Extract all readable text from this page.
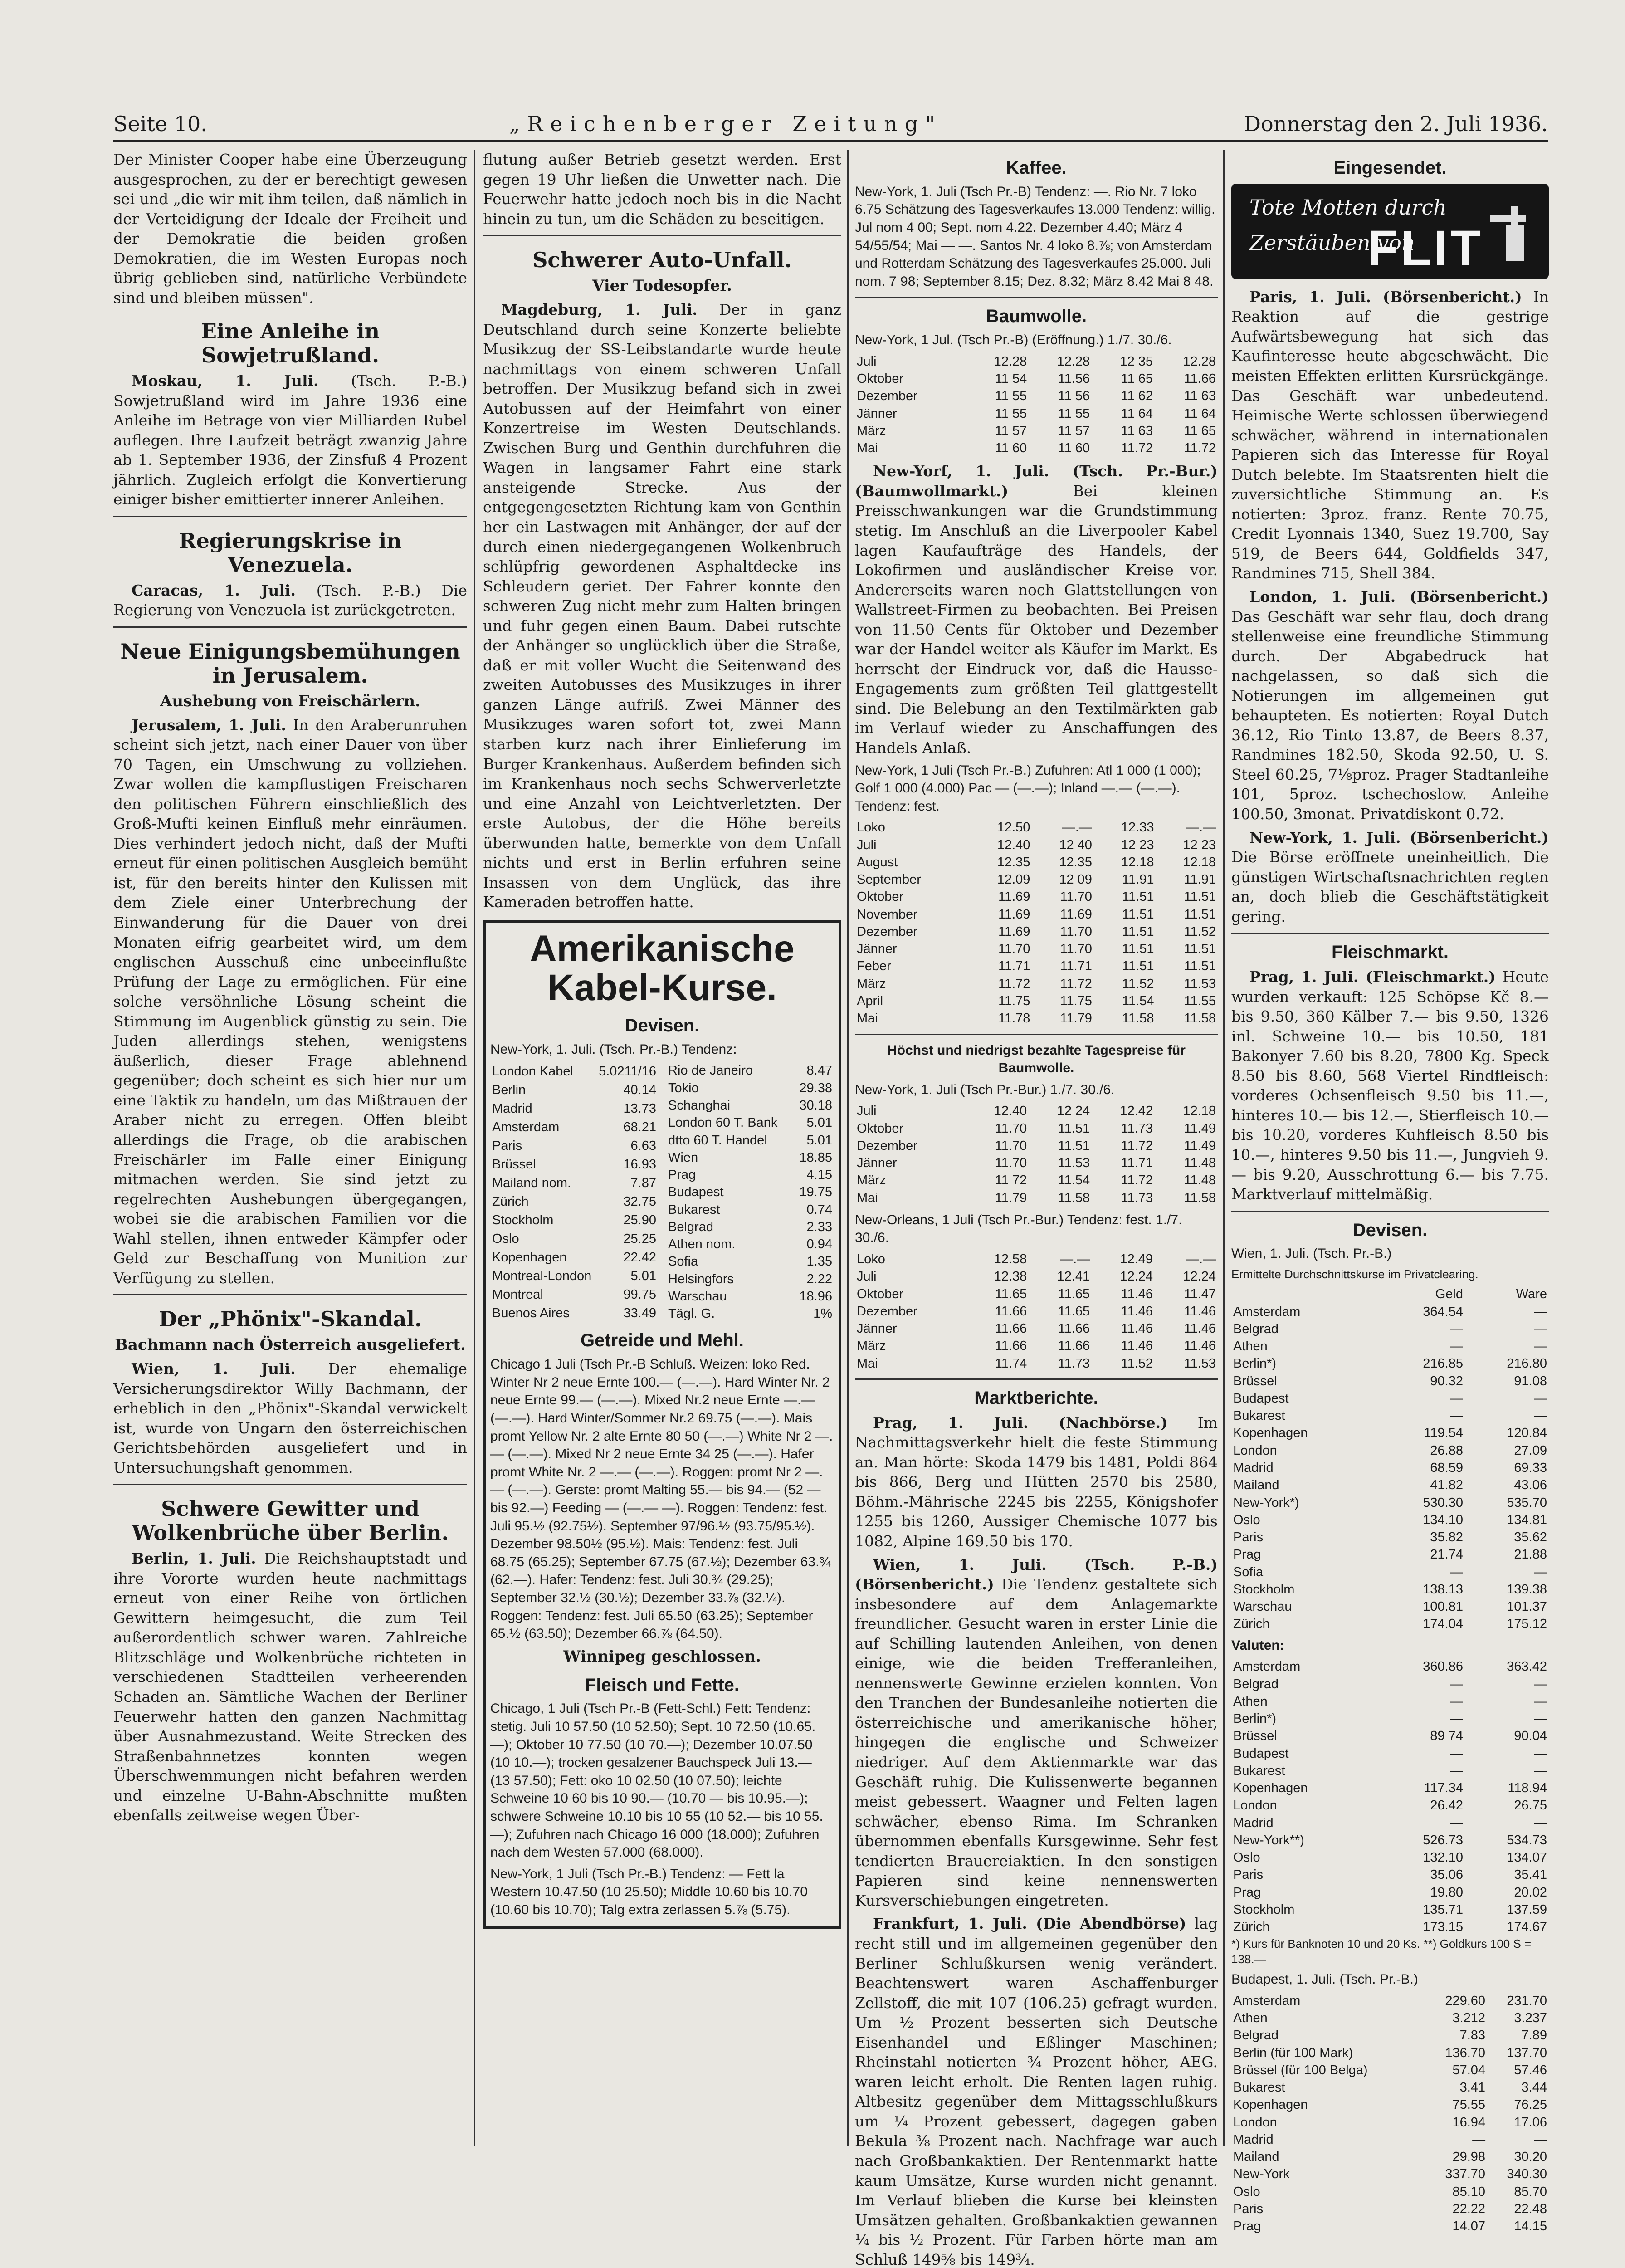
Seite 10.	„Reichenberger Zeitung"	Donnerstag den 2. Juli 1936.

Der Minister Cooper habe eine Überzeugung ausgesprochen, zu der er berechtigt gewesen sei und „die wir mit ihm teilen, daß nämlich in der Verteidigung der Ideale der Freiheit und der Demokratie die beiden großen Demokratien, die im Westen Europas noch übrig geblieben sind, natürliche Verbündete sind und bleiben müssen".

Eine Anleihe in Sowjetrußland.

Moskau, 1. Juli. (Tsch. P.-B.) Sowjetrußland wird im Jahre 1936 eine Anleihe im Betrage von vier Milliarden Rubel auflegen. Ihre Laufzeit beträgt zwanzig Jahre ab 1. September 1936, der Zinsfuß 4 Prozent jährlich. Zugleich erfolgt die Konvertierung einiger bisher emittierter innerer Anleihen.

Regierungskrise in Venezuela.

Caracas, 1. Juli. (Tsch. P.-B.) Die Regierung von Venezuela ist zurückgetreten.

Neue Einigungsbemühungen in Jerusalem.
Aushebung von Freischärlern.

Jerusalem, 1. Juli. In den Araberunruhen scheint sich jetzt, nach einer Dauer von über 70 Tagen, ein Umschwung zu vollziehen. Zwar wollen die kampflustigen Freischaren den politischen Führern einschließlich des Groß-Mufti keinen Einfluß mehr einräumen. Dies verhindert jedoch nicht, daß der Mufti erneut für einen politischen Ausgleich bemüht ist, für den bereits hinter den Kulissen mit dem Ziele einer Unterbrechung der Einwanderung für die Dauer von drei Monaten eifrig gearbeitet wird, um dem englischen Ausschuß eine unbeeinflußte Prüfung der Lage zu ermöglichen. Für eine solche versöhnliche Lösung scheint die Stimmung im Augenblick günstig zu sein. Die Juden allerdings stehen, wenigstens äußerlich, dieser Frage ablehnend gegenüber; doch scheint es sich hier nur um eine Taktik zu handeln, um das Mißtrauen der Araber nicht zu erregen. Offen bleibt allerdings die Frage, ob die arabischen Freischärler im Falle einer Einigung mitmachen werden. Sie sind jetzt zu regelrechten Aushebungen übergegangen, wobei sie die arabischen Familien vor die Wahl stellen, ihnen entweder Kämpfer oder Geld zur Beschaffung von Munition zur Verfügung zu stellen.

Der „Phönix"-Skandal.
Bachmann nach Österreich ausgeliefert.

Wien, 1. Juli. Der ehemalige Versicherungsdirektor Willy Bachmann, der erheblich in den „Phönix"-Skandal verwickelt ist, wurde von Ungarn den österreichischen Gerichtsbehörden ausgeliefert und in Untersuchungshaft genommen.

Schwere Gewitter und Wolkenbrüche über Berlin.

Berlin, 1. Juli. Die Reichshauptstadt und ihre Vororte wurden heute nachmittags erneut von einer Reihe von örtlichen Gewittern heimgesucht, die zum Teil außerordentlich schwer waren. Zahlreiche Blitzschläge und Wolkenbrüche richteten in verschiedenen Stadtteilen verheerenden Schaden an. Sämtliche Wachen der Berliner Feuerwehr hatten den ganzen Nachmittag über Ausnahmezustand. Weite Strecken des Straßenbahnnetzes konnten wegen Überschwemmungen nicht befahren werden und einzelne U-Bahn-Abschnitte mußten ebenfalls zeitweise wegen Über-

flutung außer Betrieb gesetzt werden. Erst gegen 19 Uhr ließen die Unwetter nach. Die Feuerwehr hatte jedoch noch bis in die Nacht hinein zu tun, um die Schäden zu beseitigen.

Schwerer Auto-Unfall.
Vier Todesopfer.

Magdeburg, 1. Juli. Der in ganz Deutschland durch seine Konzerte beliebte Musikzug der SS-Leibstandarte wurde heute nachmittags von einem schweren Unfall betroffen. Der Musikzug befand sich in zwei Autobussen auf der Heimfahrt von einer Konzertreise im Westen Deutschlands. Zwischen Burg und Genthin durchfuhren die Wagen in langsamer Fahrt eine stark ansteigende Strecke. Aus der entgegengesetzten Richtung kam von Genthin her ein Lastwagen mit Anhänger, der auf der durch einen niedergegangenen Wolkenbruch schlüpfrig gewordenen Asphaltdecke ins Schleudern geriet. Der Fahrer konnte den schweren Zug nicht mehr zum Halten bringen und fuhr gegen einen Baum. Dabei rutschte der Anhänger so unglücklich über die Straße, daß er mit voller Wucht die Seitenwand des zweiten Autobusses des Musikzuges in ihrer ganzen Länge aufriß. Zwei Männer des Musikzuges waren sofort tot, zwei Mann starben kurz nach ihrer Einlieferung im Burger Krankenhaus. Außerdem befinden sich im Krankenhaus noch sechs Schwerverletzte und eine Anzahl von Leichtverletzten. Der erste Autobus, der die Höhe bereits überwunden hatte, bemerkte von dem Unfall nichts und erst in Berlin erfuhren seine Insassen von dem Unglück, das ihre Kameraden betroffen hatte.

Amerikanische Kabel-Kurse.
Devisen.

New-York, 1. Juli. (Tsch. Pr.-B.) Tendenz:

London Kabel	5.0211/16
Berlin	40.14
Madrid	13.73
Amsterdam	68.21
Paris	6.63
Brüssel	16.93
Mailand nom.	7.87
Zürich	32.75
Stockholm	25.90
Oslo	25.25
Kopenhagen	22.42
Montreal-London	5.01
Montreal	99.75
Buenos Aires	33.49
Rio de Janeiro	8.47
Tokio	29.38
Schanghai	30.18
London 60 T. Bank	5.01
dtto 60 T. Handel	5.01
Wien	18.85
Prag	4.15
Budapest	19.75
Bukarest	0.74
Belgrad	2.33
Athen nom.	0.94
Sofia	1.35
Helsingfors	2.22
Warschau	18.96
Tägl. G.	1%
Getreide und Mehl.

Chicago 1 Juli (Tsch Pr.-B Schluß. Weizen: loko Red. Winter Nr 2 neue Ernte 100.— (—.—). Hard Winter Nr. 2 neue Ernte 99.— (—.—). Mixed Nr.2 neue Ernte —.— (—.—). Hard Winter/Sommer Nr.2 69.75 (—.—). Mais promt Yellow Nr. 2 alte Ernte 80 50 (—.—) White Nr 2 —.— (—.—). Mixed Nr 2 neue Ernte 34 25 (—.—). Hafer promt White Nr. 2 —.— (—.—). Roggen: promt Nr 2 —.— (—.—). Gerste: promt Malting 55.— bis 94.— (52 — bis 92.—) Feeding — (—.— —). Roggen: Tendenz: fest. Juli 95.½ (92.75½). September 97/96.½ (93.75/95.½). Dezember 98.50½ (95.½). Mais: Tendenz: fest. Juli 68.75 (65.25); September 67.75 (67.½); Dezember 63.¾ (62.—). Hafer: Tendenz: fest. Juli 30.¾ (29.25); September 32.½ (30.½); Dezember 33.⅞ (32.¼). Roggen: Tendenz: fest. Juli 65.50 (63.25); September 65.½ (63.50); Dezember 66.⅞ (64.50).

Winnipeg geschlossen.
Fleisch und Fette.

Chicago, 1 Juli (Tsch Pr.-B (Fett-Schl.) Fett: Tendenz: stetig. Juli 10 57.50 (10 52.50); Sept. 10 72.50 (10.65.—); Oktober 10 77.50 (10 70.—); Dezember 10.07.50 (10 10.—); trocken gesalzener Bauchspeck Juli 13.— (13 57.50); Fett: oko 10 02.50 (10 07.50); leichte Schweine 10 60 bis 10 90.— (10.70 — bis 10.95.—); schwere Schweine 10.10 bis 10 55 (10 52.— bis 10 55.—); Zufuhren nach Chicago 16 000 (18.000); Zufuhren nach dem Westen 57.000 (68.000).

New-York, 1 Juli (Tsch Pr.-B.) Tendenz: — Fett la Western 10.47.50 (10 25.50); Middle 10.60 bis 10.70 (10.60 bis 10.70); Talg extra zerlassen 5.⅞ (5.75).

Kaffee.

New-York, 1. Juli (Tsch Pr.-B) Tendenz: —. Rio Nr. 7 loko 6.75 Schätzung des Tagesverkaufes 13.000 Tendenz: willig. Jul nom 4 00; Sept. nom 4.22. Dezember 4.40; März 4 54/55/54; Mai — —. Santos Nr. 4 loko 8.⅞; von Amsterdam und Rotterdam Schätzung des Tagesverkaufes 25.000. Juli nom. 7 98; September 8.15; Dez. 8.32; März 8.42 Mai 8 48.

Baumwolle.

New-York, 1 Jul. (Tsch Pr.-B) (Eröffnung.) 1./7. 30./6.

Juli	12.28	12.28	12 35	12.28
Oktober	11 54	11.56	11 65	11.66
Dezember	11 55	11 56	11 62	11 63
Jänner	11 55	11 55	11 64	11 64
März	11 57	11 57	11 63	11 65
Mai	11 60	11 60	11.72	11.72

New-Yorf, 1. Juli. (Tsch. Pr.-Bur.) (Baumwollmarkt.)	Bei kleinen Preisschwankungen war die Grundstimmung stetig. Im Anschluß an die Liverpooler Kabel lagen Kaufaufträge des Handels, der Lokofirmen und ausländischer Kreise vor. Andererseits waren noch Glattstellungen von Wallstreet-Firmen zu beobachten. Bei Preisen von 11.50 Cents für Oktober und Dezember war der Handel weiter als Käufer im Markt. Es herrscht der Eindruck vor, daß die Hausse-Engagements zum größten Teil glattgestellt sind. Die Belebung an den Textilmärkten gab im Verlauf wieder zu Anschaffungen des Handels Anlaß.

New-York, 1 Juli (Tsch Pr.-B.) Zufuhren: Atl 1 000 (1 000); Golf 1 000 (4.000) Pac — (—.—); Inland —.— (—.—). Tendenz: fest.

Loko	12.50	—.—	12.33	—.—
Juli	12.40	12 40	12 23	12 23
August	12.35	12.35	12.18	12.18
September	12.09	12 09	11.91	11.91
Oktober	11.69	11.70	11.51	11.51
November	11.69	11.69	11.51	11.51
Dezember	11.69	11.70	11.51	11.52
Jänner	11.70	11.70	11.51	11.51
Feber	11.71	11.71	11.51	11.51
März	11.72	11.72	11.52	11.53
April	11.75	11.75	11.54	11.55
Mai	11.78	11.79	11.58	11.58

Höchst und niedrigst bezahlte Tagespreise für Baumwolle.

New-York, 1. Juli (Tsch Pr.-Bur.) 1./7. 30./6.

Juli	12.40	12 24	12.42	12.18
Oktober	11.70	11.51	11.73	11.49
Dezember	11.70	11.51	11.72	11.49
Jänner	11.70	11.53	11.71	11.48
März	11 72	11.54	11.72	11.48
Mai	11.79	11.58	11.73	11.58

New-Orleans, 1 Juli (Tsch Pr.-Bur.) Tendenz: fest. 1./7. 30./6.

Loko	12.58	—.—	12.49	—.—
Juli	12.38	12.41	12.24	12.24
Oktober	11.65	11.65	11.46	11.47
Dezember	11.66	11.65	11.46	11.46
Jänner	11.66	11.66	11.46	11.46
März	11.66	11.66	11.46	11.46
Mai	11.74	11.73	11.52	11.53
Marktberichte.

Prag, 1. Juli. (Nachbörse.) Im Nachmittagsverkehr hielt die feste Stimmung an. Man hörte: Skoda 1479 bis 1481, Poldi 864 bis 866, Berg und Hütten 2570 bis 2580, Böhm.-Mährische 2245 bis 2255, Königshofer 1255 bis 1260, Aussiger Chemische 1077 bis 1082, Alpine 169.50 bis 170.

Wien, 1. Juli. (Tsch. P.-B.) (Börsenbericht.) Die Tendenz gestaltete sich insbesondere auf dem Anlagemarkte freundlicher. Gesucht waren in erster Linie die auf Schilling lautenden Anleihen, von denen einige, wie die beiden Trefferanleihen, nennenswerte Gewinne erzielen konnten. Von den Tranchen der Bundesanleihe notierten die österreichische und amerikanische höher, hingegen die englische und Schweizer niedriger. Auf dem Aktienmarkte war das Geschäft ruhig. Die Kulissenwerte begannen meist gebessert. Waagner und Felten lagen schwächer, ebenso Rima. Im Schranken übernommen ebenfalls Kursgewinne. Sehr fest tendierten Brauereiaktien. In den sonstigen Papieren sind keine nennenswerten Kursverschiebungen eingetreten.

Frankfurt, 1. Juli. (Die Abendbörse) lag recht still und im allgemeinen gegenüber den Berliner Schlußkursen wenig verändert. Beachtenswert waren Aschaffenburger Zellstoff, die mit 107 (106.25) gefragt wurden. Um ½ Prozent besserten sich Deutsche Eisenhandel und Eßlinger Maschinen; Rheinstahl notierten ¾ Prozent höher, AEG. waren leicht erholt. Die Renten lagen ruhig. Altbesitz gegenüber dem Mittagsschlußkurs um ¼ Prozent gebessert, dagegen gaben Bekula ⅜ Prozent nach. Nachfrage war auch nach Großbankaktien. Der Rentenmarkt hatte kaum Umsätze, Kurse wurden nicht genannt. Im Verlauf blieben die Kurse bei kleinsten Umsätzen gehalten. Großbankaktien gewannen ¼ bis ½ Prozent. Für Farben hörte man am Schluß 149⅝ bis 149¾.

Eingesendet.
Tote Motten durch
Zerstäuben von
FLIT

Paris, 1. Juli. (Börsenbericht.) In Reaktion auf die gestrige Aufwärtsbewegung hat sich das Kaufinteresse heute abgeschwächt. Die meisten Effekten erlitten Kursrückgänge. Das Geschäft war unbedeutend. Heimische Werte schlossen überwiegend schwächer, während in internationalen Papieren sich das Interesse für Royal Dutch belebte. Im Staatsrenten hielt die zuversichtliche Stimmung an. Es notierten: 3proz. franz. Rente 70.75, Credit Lyonnais 1340, Suez 19.700, Say 519, de Beers 644, Goldfields 347, Randmines 715, Shell 384.

London, 1. Juli. (Börsenbericht.) Das Geschäft war sehr flau, doch drang stellenweise eine freundliche Stimmung durch. Der Abgabedruck hat nachgelassen, so daß sich die Notierungen im allgemeinen gut behaupteten. Es notierten: Royal Dutch 36.12, Rio Tinto 13.87, de Beers 8.37, Randmines 182.50, Skoda 92.50, U. S. Steel 60.25, 7⅛proz. Prager Stadtanleihe 101, 5proz. tschechoslow. Anleihe 100.50, 3monat. Privatdiskont 0.72.

New-York, 1. Juli. (Börsenbericht.) Die Börse eröffnete uneinheitlich. Die günstigen Wirtschaftsnachrichten regten an, doch blieb die Geschäftstätigkeit gering.

Fleischmarkt.

Prag, 1. Juli. (Fleischmarkt.) Heute wurden verkauft: 125 Schöpse Kč 8.— bis 9.50, 360 Kälber 7.— bis 9.50, 1326 inl. Schweine 10.— bis 10.50, 181 Bakonyer 7.60 bis 8.20, 7800 Kg. Speck 8.50 bis 8.60, 568 Viertel Rindfleisch: vorderes Ochsenfleisch 9.50 bis 11.—, hinteres 10.— bis 12.—, Stierfleisch 10.— bis 10.20, vorderes Kuhfleisch 8.50 bis 10.—, hinteres 9.50 bis 11.—, Jungvieh 9.— bis 9.20, Ausschrottung 6.— bis 7.75. Marktverlauf mittelmäßig.

Devisen.

Wien, 1. Juli. (Tsch. Pr.-B.)

Ermittelte Durchschnittskurse im Privatclearing.

	Geld	Ware
Amsterdam	364.54	—
Belgrad	—	—
Athen	—	—
Berlin*)	216.85	216.80
Brüssel	90.32	91.08
Budapest	—	—
Bukarest	—	—
Kopenhagen	119.54	120.84
London	26.88	27.09
Madrid	68.59	69.33
Mailand	41.82	43.06
New-York*)	530.30	535.70
Oslo	134.10	134.81
Paris	35.82	35.62
Prag	21.74	21.88
Sofia	—	—
Stockholm	138.13	139.38
Warschau	100.81	101.37
Zürich	174.04	175.12

Valuten:

Amsterdam	360.86	363.42
Belgrad	—	—
Athen	—	—
Berlin*)	—	—
Brüssel	89 74	90.04
Budapest	—	—
Bukarest	—	—
Kopenhagen	117.34	118.94
London	26.42	26.75
Madrid	—	—
New-York**)	526.73	534.73
Oslo	132.10	134.07
Paris	35.06	35.41
Prag	19.80	20.02
Stockholm	135.71	137.59
Zürich	173.15	174.67

*) Kurs für Banknoten 10 und 20 Ks. **) Goldkurs 100 S = 138.—

Budapest, 1. Juli. (Tsch. Pr.-B.)

Amsterdam	229.60	231.70
Athen	3.212	3.237
Belgrad	7.83	7.89
Berlin (für 100 Mark)	136.70	137.70
Brüssel (für 100 Belga)	57.04	57.46
Bukarest	3.41	3.44
Kopenhagen	75.55	76.25
London	16.94	17.06
Madrid	—	—
Mailand	29.98	30.20
New-York	337.70	340.30
Oslo	85.10	85.70
Paris	22.22	22.48
Prag	14.07	14.15
